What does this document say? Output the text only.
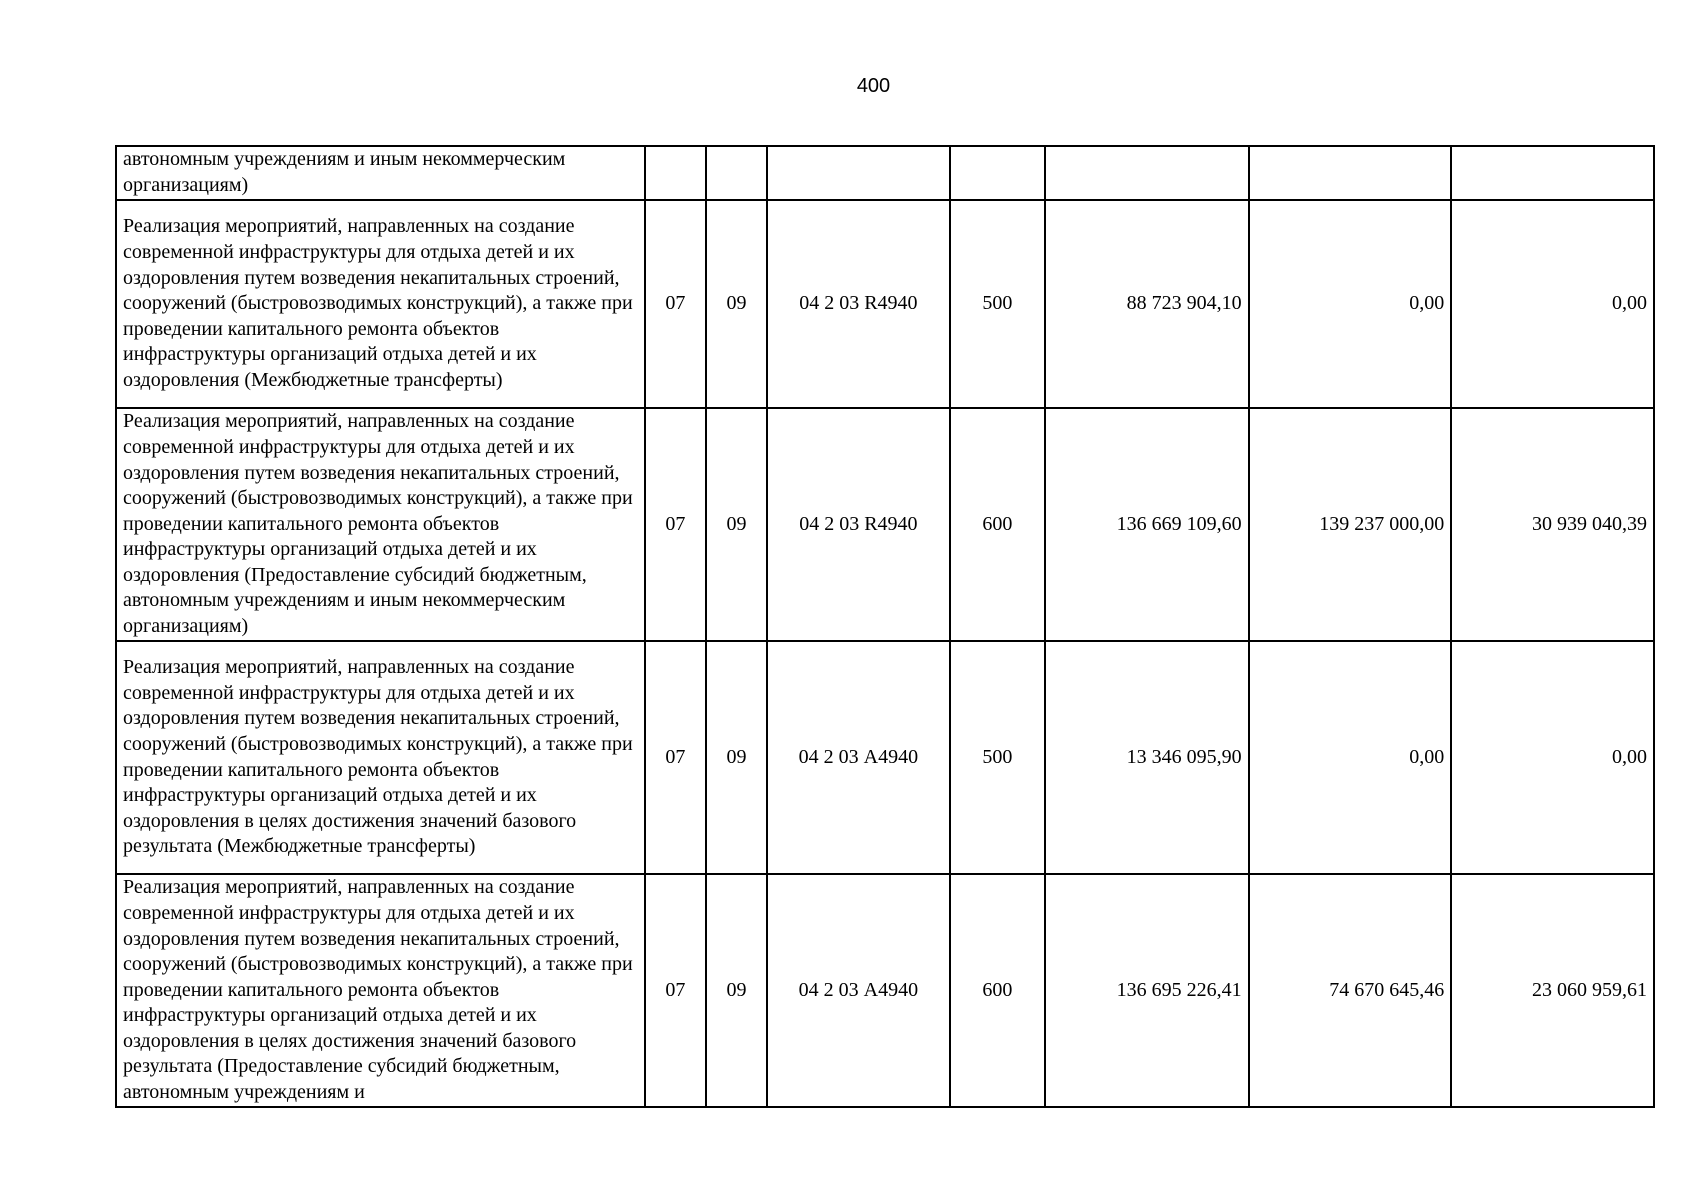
400
автономным учреждениям и иным некоммерческим организациям)							
Реализация мероприятий, направленных на создание современной инфраструктуры для отдыха детей и их оздоровления путем возведения некапитальных строений, сооружений (быстровозводимых конструкций), а также при проведении капитального ремонта объектов инфраструктуры организаций отдыха детей и их оздоровления (Межбюджетные трансферты)	07	09	04 2 03 R4940	500	88 723 904,10	0,00	0,00
Реализация мероприятий, направленных на создание современной инфраструктуры для отдыха детей и их оздоровления путем возведения некапитальных строений, сооружений (быстровозводимых конструкций), а также при проведении капитального ремонта объектов инфраструктуры организаций отдыха детей и их оздоровления (Предоставление субсидий бюджетным, автономным учреждениям и иным некоммерческим организациям)	07	09	04 2 03 R4940	600	136 669 109,60	139 237 000,00	30 939 040,39
Реализация мероприятий, направленных на создание современной инфраструктуры для отдыха детей и их оздоровления путем возведения некапитальных строений, сооружений (быстровозводимых конструкций), а также при проведении капитального ремонта объектов инфраструктуры организаций отдыха детей и их оздоровления в целях достижения значений базового результата (Межбюджетные трансферты)	07	09	04 2 03 А4940	500	13 346 095,90	0,00	0,00
Реализация мероприятий, направленных на создание современной инфраструктуры для отдыха детей и их оздоровления путем возведения некапитальных строений, сооружений (быстровозводимых конструкций), а также при проведении капитального ремонта объектов инфраструктуры организаций отдыха детей и их оздоровления в целях достижения значений базового результата (Предоставление субсидий бюджетным, автономным учреждениям и	07	09	04 2 03 А4940	600	136 695 226,41	74 670 645,46	23 060 959,61
